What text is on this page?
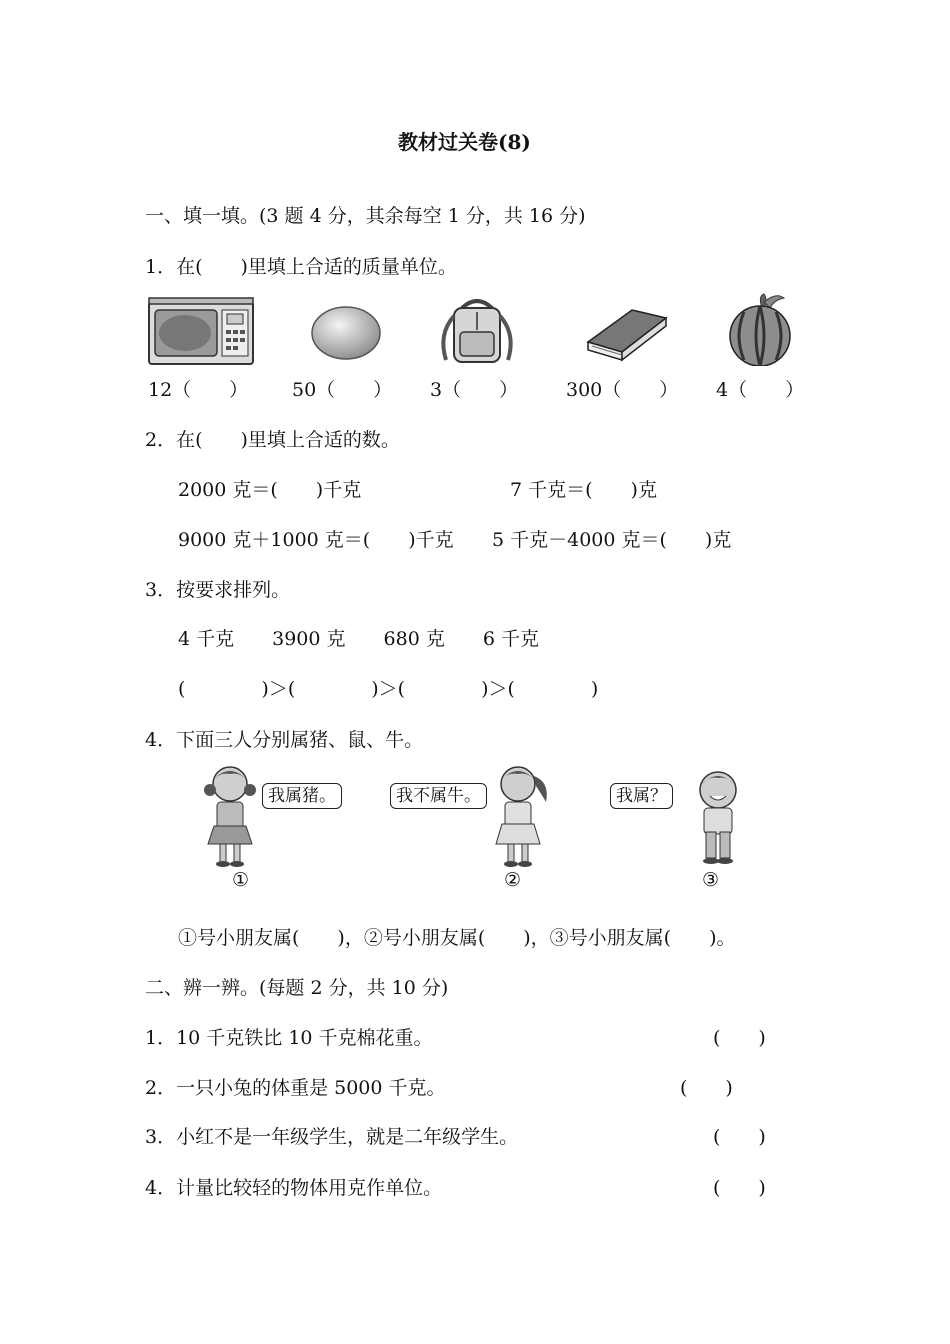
教材过关卷(8)
一、填一填。(3 题 4 分，其余每空 1 分，共 16 分)
1．在(　　)里填上合适的质量单位。
12（　　） 50（　　） 3（　　）	300（　　） 4（　　）
2．在(　　)里填上合适的数。
2000 克＝(　　)千克	7 千克＝(　　)克
9000 克＋1000 克＝(　　)千克 5 千克－4000 克＝(　　)克
3．按要求排列。
4 千克　　3900 克　　680 克　　6 千克
(　　　　)＞(　　　　)＞(　　　　)＞(　　　　)
4．下面三人分别属猪、鼠、牛。
我属猪。
①
我不属牛。
②
我属？
③
①号小朋友属(　　)，②号小朋友属(　　)，③号小朋友属(　　)。
二、辨一辨。(每题 2 分，共 10 分)
1．10 千克铁比 10 千克棉花重。	(　　)
2．一只小兔的体重是 5000 千克。	(　　)
3．小红不是一年级学生，就是二年级学生。	(　　)
4．计量比较轻的物体用克作单位。	(　　)
